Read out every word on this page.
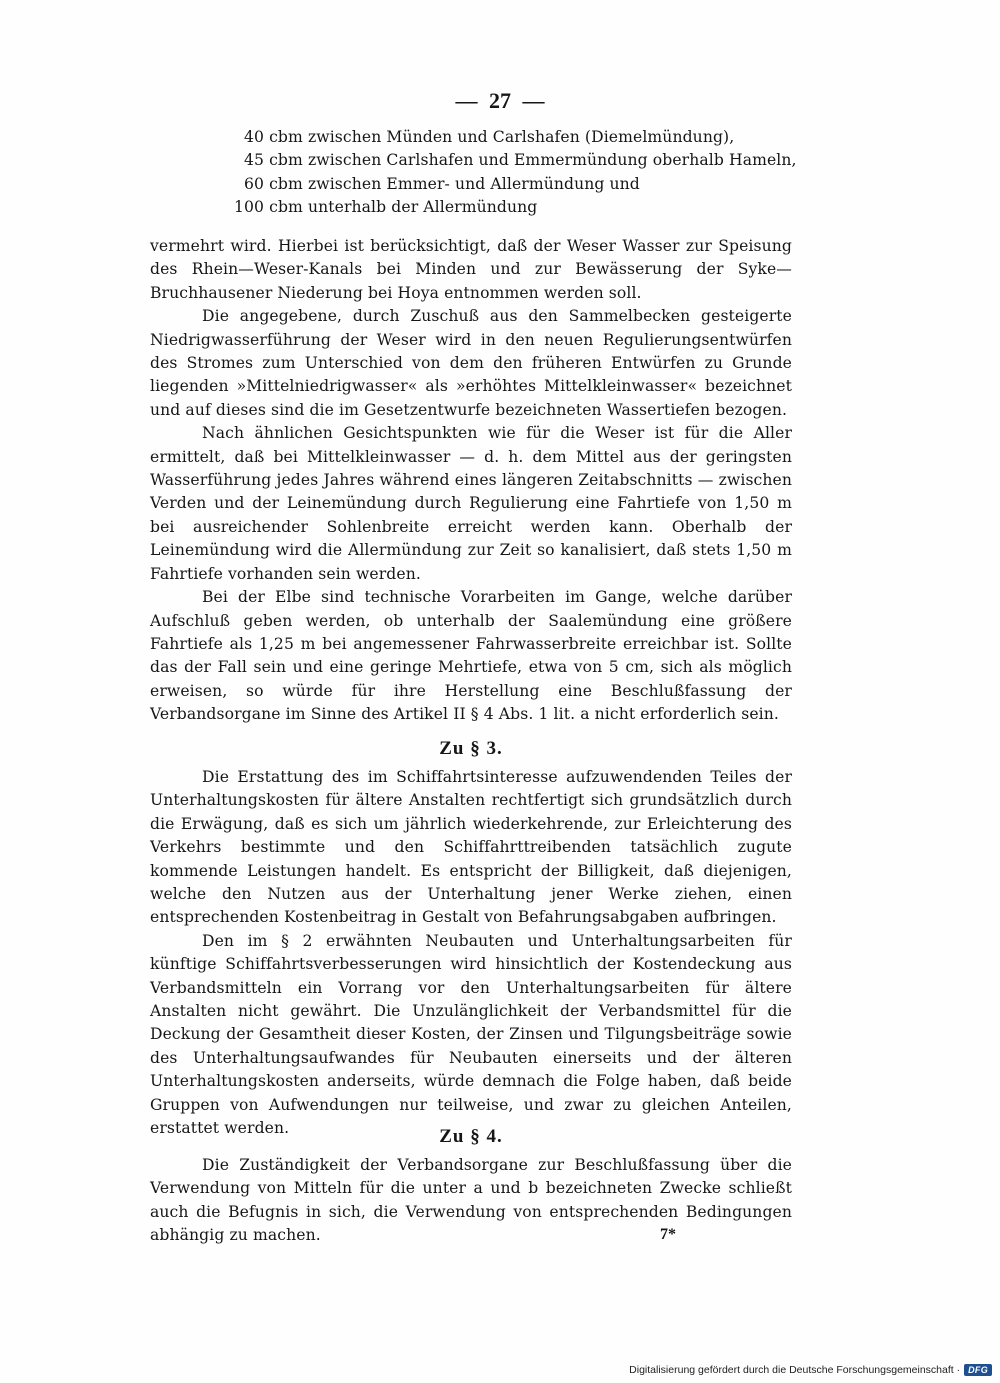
— 27 —
40 cbm zwischen Münden und Carlshafen (Diemelmündung),
45 cbm zwischen Carlshafen und Emmermündung oberhalb Hameln,
60 cbm zwischen Emmer- und Allermündung und
100 cbm unterhalb der Allermündung

vermehrt wird. Hierbei ist berücksichtigt, daß der Weser Wasser zur Speisung des Rhein—Weser-Kanals bei Minden und zur Bewässerung der Syke—Bruchhausener Niederung bei Hoya entnommen werden soll.

Die angegebene, durch Zuschuß aus den Sammelbecken gesteigerte Niedrigwasserführung der Weser wird in den neuen Regulierungsentwürfen des Stromes zum Unterschied von dem den früheren Entwürfen zu Grunde liegenden »Mittelniedrigwasser« als »erhöhtes Mittelkleinwasser« bezeichnet und auf dieses sind die im Gesetzentwurfe bezeichneten Wassertiefen bezogen.

Nach ähnlichen Gesichtspunkten wie für die Weser ist für die Aller ermittelt, daß bei Mittelkleinwasser — d. h. dem Mittel aus der geringsten Wasserführung jedes Jahres während eines längeren Zeitabschnitts — zwischen Verden und der Leinemündung durch Regulierung eine Fahrtiefe von 1,50 m bei ausreichender Sohlenbreite erreicht werden kann. Oberhalb der Leinemündung wird die Allermündung zur Zeit so kanalisiert, daß stets 1,50 m Fahrtiefe vorhanden sein werden.

Bei der Elbe sind technische Vorarbeiten im Gange, welche darüber Aufschluß geben werden, ob unterhalb der Saalemündung eine größere Fahrtiefe als 1,25 m bei angemessener Fahrwasserbreite erreichbar ist. Sollte das der Fall sein und eine geringe Mehrtiefe, etwa von 5 cm, sich als möglich erweisen, so würde für ihre Herstellung eine Beschlußfassung der Verbandsorgane im Sinne des Artikel II § 4 Abs. 1 lit. a nicht erforderlich sein.

Zu § 3.

Die Erstattung des im Schiffahrtsinteresse aufzuwendenden Teiles der Unterhaltungskosten für ältere Anstalten rechtfertigt sich grundsätzlich durch die Erwägung, daß es sich um jährlich wiederkehrende, zur Erleichterung des Verkehrs bestimmte und den Schiffahrttreibenden tatsächlich zugute kommende Leistungen handelt. Es entspricht der Billigkeit, daß diejenigen, welche den Nutzen aus der Unterhaltung jener Werke ziehen, einen entsprechenden Kostenbeitrag in Gestalt von Befahrungsabgaben aufbringen.

Den im § 2 erwähnten Neubauten und Unterhaltungsarbeiten für künftige Schiffahrtsverbesserungen wird hinsichtlich der Kostendeckung aus Verbandsmitteln ein Vorrang vor den Unterhaltungsarbeiten für ältere Anstalten nicht gewährt. Die Unzulänglichkeit der Verbandsmittel für die Deckung der Gesamtheit dieser Kosten, der Zinsen und Tilgungsbeiträge sowie des Unterhaltungsaufwandes für Neubauten einerseits und der älteren Unterhaltungskosten anderseits, würde demnach die Folge haben, daß beide Gruppen von Aufwendungen nur teilweise, und zwar zu gleichen Anteilen, erstattet werden.	Zu § 4.

Die Zuständigkeit der Verbandsorgane zur Beschlußfassung über die Verwendung von Mitteln für die unter a und b bezeichneten Zwecke schließt auch die Befugnis in sich, die Verwendung von entsprechenden Bedingungen abhängig zu machen.	7*
Digitalisierung gefördert durch die Deutsche Forschungsgemeinschaft · DFG
